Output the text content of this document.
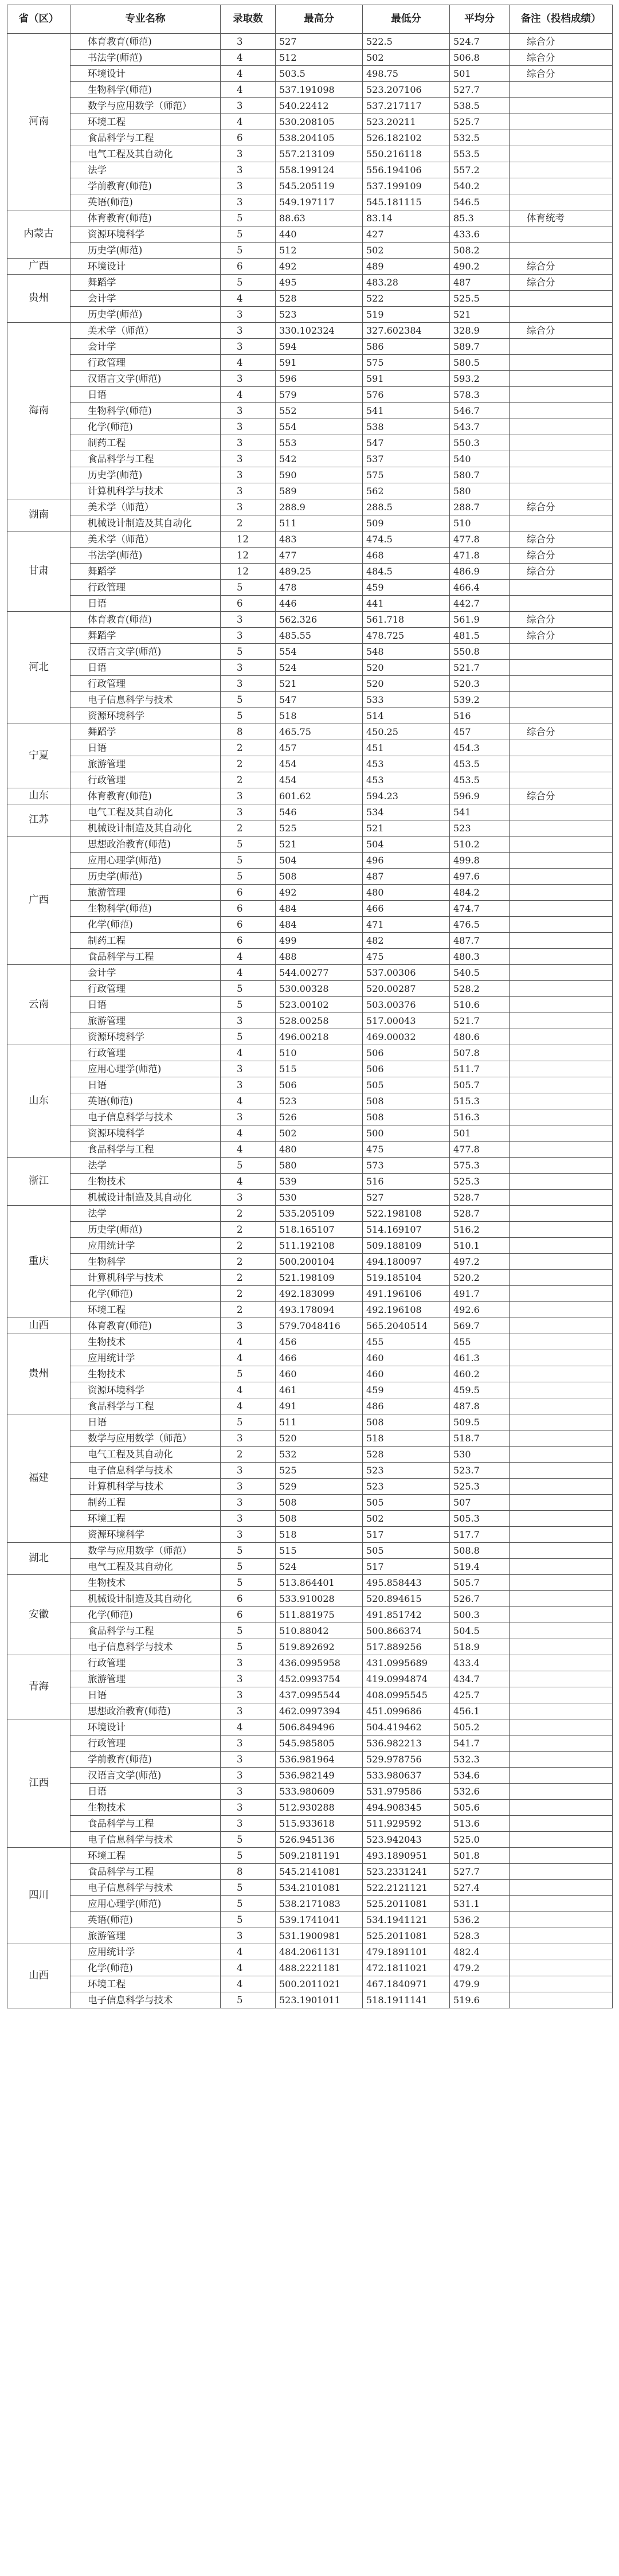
省（区）	专业名称	录取数	最高分	最低分	平均分	备注（投档成绩）
河南	体育教育(师范)	3	527	522.5	524.7	综合分
	书法学(师范)	4	512	502	506.8	综合分
	环境设计	4	503.5	498.75	501	综合分
	生物科学(师范)	4	537.191098	523.207106	527.7	
	数学与应用数学（师范）	3	540.22412	537.217117	538.5	
	环境工程	4	530.208105	523.20211	525.7	
	食品科学与工程	6	538.204105	526.182102	532.5	
	电气工程及其自动化	3	557.213109	550.216118	553.5	
	法学	3	558.199124	556.194106	557.2	
	学前教育(师范)	3	545.205119	537.199109	540.2	
	英语(师范)	3	549.197117	545.181115	546.5	
内蒙古	体育教育(师范)	5	88.63	83.14	85.3	体育统考
	资源环境科学	5	440	427	433.6	
	历史学(师范)	5	512	502	508.2	
广西	环境设计	6	492	489	490.2	综合分
贵州	舞蹈学	5	495	483.28	487	综合分
	会计学	4	528	522	525.5	
	历史学(师范)	3	523	519	521	
海南	美术学（师范）	3	330.102324	327.602384	328.9	综合分
	会计学	3	594	586	589.7	
	行政管理	4	591	575	580.5	
	汉语言文学(师范)	3	596	591	593.2	
	日语	4	579	576	578.3	
	生物科学(师范)	3	552	541	546.7	
	化学(师范)	3	554	538	543.7	
	制药工程	3	553	547	550.3	
	食品科学与工程	3	542	537	540	
	历史学(师范)	3	590	575	580.7	
	计算机科学与技术	3	589	562	580	
湖南	美术学（师范）	3	288.9	288.5	288.7	综合分
	机械设计制造及其自动化	2	511	509	510	
甘肃	美术学（师范）	12	483	474.5	477.8	综合分
	书法学(师范)	12	477	468	471.8	综合分
	舞蹈学	12	489.25	484.5	486.9	综合分
	行政管理	5	478	459	466.4	
	日语	6	446	441	442.7	
河北	体育教育(师范)	3	562.326	561.718	561.9	综合分
	舞蹈学	3	485.55	478.725	481.5	综合分
	汉语言文学(师范)	5	554	548	550.8	
	日语	3	524	520	521.7	
	行政管理	3	521	520	520.3	
	电子信息科学与技术	5	547	533	539.2	
	资源环境科学	5	518	514	516	
宁夏	舞蹈学	8	465.75	450.25	457	综合分
	日语	2	457	451	454.3	
	旅游管理	2	454	453	453.5	
	行政管理	2	454	453	453.5	
山东	体育教育(师范)	3	601.62	594.23	596.9	综合分
江苏	电气工程及其自动化	3	546	534	541	
	机械设计制造及其自动化	2	525	521	523	
广西	思想政治教育(师范)	5	521	504	510.2	
	应用心理学(师范)	5	504	496	499.8	
	历史学(师范)	5	508	487	497.6	
	旅游管理	6	492	480	484.2	
	生物科学(师范)	6	484	466	474.7	
	化学(师范)	6	484	471	476.5	
	制药工程	6	499	482	487.7	
	食品科学与工程	4	488	475	480.3	
云南	会计学	4	544.00277	537.00306	540.5	
	行政管理	5	530.00328	520.00287	528.2	
	日语	5	523.00102	503.00376	510.6	
	旅游管理	3	528.00258	517.00043	521.7	
	资源环境科学	5	496.00218	469.00032	480.6	
山东	行政管理	4	510	506	507.8	
	应用心理学(师范)	3	515	506	511.7	
	日语	3	506	505	505.7	
	英语(师范)	4	523	508	515.3	
	电子信息科学与技术	3	526	508	516.3	
	资源环境科学	4	502	500	501	
	食品科学与工程	4	480	475	477.8	
浙江	法学	5	580	573	575.3	
	生物技术	4	539	516	525.3	
	机械设计制造及其自动化	3	530	527	528.7	
重庆	法学	2	535.205109	522.198108	528.7	
	历史学(师范)	2	518.165107	514.169107	516.2	
	应用统计学	2	511.192108	509.188109	510.1	
	生物科学	2	500.200104	494.180097	497.2	
	计算机科学与技术	2	521.198109	519.185104	520.2	
	化学(师范)	2	492.183099	491.196106	491.7	
	环境工程	2	493.178094	492.196108	492.6	
山西	体育教育(师范)	3	579.7048416	565.2040514	569.7	
贵州	生物技术	4	456	455	455	
	应用统计学	4	466	460	461.3	
	生物技术	5	460	460	460.2	
	资源环境科学	4	461	459	459.5	
	食品科学与工程	4	491	486	487.8	
福建	日语	5	511	508	509.5	
	数学与应用数学（师范）	3	520	518	518.7	
	电气工程及其自动化	2	532	528	530	
	电子信息科学与技术	3	525	523	523.7	
	计算机科学与技术	3	529	523	525.3	
	制药工程	3	508	505	507	
	环境工程	3	508	502	505.3	
	资源环境科学	3	518	517	517.7	
湖北	数学与应用数学（师范）	5	515	505	508.8	
	电气工程及其自动化	5	524	517	519.4	
安徽	生物技术	5	513.864401	495.858443	505.7	
	机械设计制造及其自动化	6	533.910028	520.894615	526.7	
	化学(师范)	6	511.881975	491.851742	500.3	
	食品科学与工程	5	510.88042	500.866374	504.5	
	电子信息科学与技术	5	519.892692	517.889256	518.9	
青海	行政管理	3	436.0995958	431.0995689	433.4	
	旅游管理	3	452.0993754	419.0994874	434.7	
	日语	3	437.0995544	408.0995545	425.7	
	思想政治教育(师范)	3	462.0997394	451.099686	456.1	
江西	环境设计	4	506.849496	504.419462	505.2	
	行政管理	3	545.985805	536.982213	541.7	
	学前教育(师范)	3	536.981964	529.978756	532.3	
	汉语言文学(师范)	3	536.982149	533.980637	534.6	
	日语	3	533.980609	531.979586	532.6	
	生物技术	3	512.930288	494.908345	505.6	
	食品科学与工程	3	515.933618	511.929592	513.6	
	电子信息科学与技术	5	526.945136	523.942043	525.0	
四川	环境工程	5	509.2181191	493.1890951	501.8	
	食品科学与工程	8	545.2141081	523.2331241	527.7	
	电子信息科学与技术	5	534.2101081	522.2121121	527.4	
	应用心理学(师范)	5	538.2171083	525.2011081	531.1	
	英语(师范)	5	539.1741041	534.1941121	536.2	
	旅游管理	3	531.1900981	525.2011081	528.3	
山西	应用统计学	4	484.2061131	479.1891101	482.4	
	化学(师范)	4	488.2221181	472.1811021	479.2	
	环境工程	4	500.2011021	467.1840971	479.9	
	电子信息科学与技术	5	523.1901011	518.1911141	519.6	
